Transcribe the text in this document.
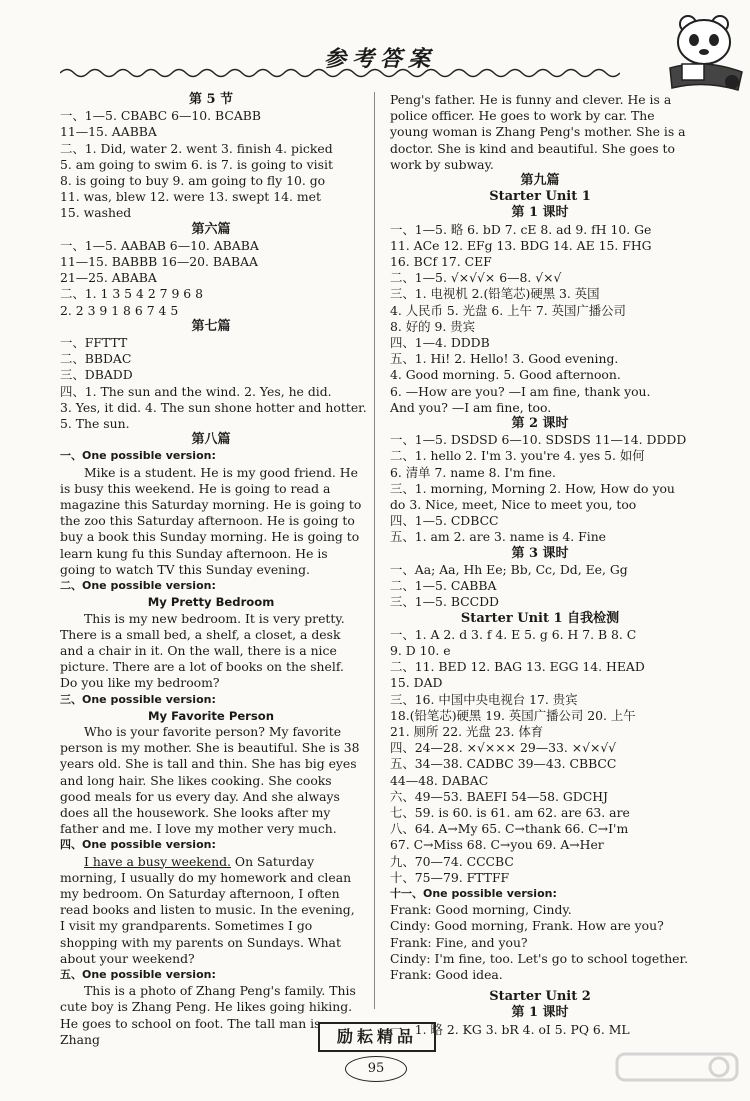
参考答案
第 5 节
一、1—5. CBABC 6—10. BCABB
11—15. AABBA
二、1. Did, water 2. went 3. finish 4. picked
5. am going to swim 6. is 7. is going to visit
8. is going to buy 9. am going to fly 10. go
11. was, blew 12. were 13. swept 14. met
15. washed
第六篇
一、1—5. AABAB 6—10. ABABA
11—15. BABBB 16—20. BABAA
21—25. ABABA
二、1. 1 3 5 4 2 7 9 6 8
2. 2 3 9 1 8 6 7 4 5
第七篇
一、FFTTT
二、BBDAC
三、DBADD
四、1. The sun and the wind. 2. Yes, he did.
3. Yes, it did. 4. The sun shone hotter and hotter.
5. The sun.
第八篇
一、One possible version:
Mike is a student. He is my good friend. He is busy this weekend. He is going to read a magazine this Saturday morning. He is going to the zoo this Saturday afternoon. He is going to buy a book this Sunday morning. He is going to learn kung fu this Sunday afternoon. He is going to watch TV this Sunday evening.
二、One possible version:
My Pretty Bedroom
This is my new bedroom. It is very pretty. There is a small bed, a shelf, a closet, a desk and a chair in it. On the wall, there is a nice picture. There are a lot of books on the shelf. Do you like my bedroom?
三、One possible version:
My Favorite Person
Who is your favorite person? My favorite person is my mother. She is beautiful. She is 38 years old. She is tall and thin. She has big eyes and long hair. She likes cooking. She cooks good meals for us every day. And she always does all the housework. She looks after my father and me. I love my mother very much.
四、One possible version:
I have a busy weekend. On Saturday morning, I usually do my homework and clean my bedroom. On Saturday afternoon, I often read books and listen to music. In the evening, I visit my grandparents. Sometimes I go shopping with my parents on Sundays. What about your weekend?
五、One possible version:
This is a photo of Zhang Peng's family. This cute boy is Zhang Peng. He likes going hiking. He goes to school on foot. The tall man is Zhang
Peng's father. He is funny and clever. He is a police officer. He goes to work by car. The young woman is Zhang Peng's mother. She is a doctor. She is kind and beautiful. She goes to work by subway.
第九篇
Starter Unit 1
第 1 课时
一、1—5. 略 6. bD 7. cE 8. ad 9. fH 10. Ge
11. ACe 12. EFg 13. BDG 14. AE 15. FHG
16. BCf 17. CEF
二、1—5. √×√√× 6—8. √×√
三、1. 电视机 2.(铅笔芯)硬黑 3. 英国
4. 人民币 5. 光盘 6. 上午 7. 英国广播公司
8. 好的 9. 贵宾
四、1—4. DDDB
五、1. Hi! 2. Hello! 3. Good evening.
4. Good morning. 5. Good afternoon.
6. —How are you? —I am fine, thank you.
And you? —I am fine, too.
第 2 课时
一、1—5. DSDSD 6—10. SDSDS 11—14. DDDD
二、1. hello 2. I'm 3. you're 4. yes 5. 如何
6. 清单 7. name 8. I'm fine.
三、1. morning, Morning 2. How, How do you
do 3. Nice, meet, Nice to meet you, too
四、1—5. CDBCC
五、1. am 2. are 3. name is 4. Fine
第 3 课时
一、Aa; Aa, Hh Ee; Bb, Cc, Dd, Ee, Gg
二、1—5. CABBA
三、1—5. BCCDD
Starter Unit 1 自我检测
一、1. A 2. d 3. f 4. E 5. g 6. H 7. B 8. C
9. D 10. e
二、11. BED 12. BAG 13. EGG 14. HEAD
15. DAD
三、16. 中国中央电视台 17. 贵宾
18.(铅笔芯)硬黑 19. 英国广播公司 20. 上午
21. 厕所 22. 光盘 23. 体育
四、24—28. ×√××× 29—33. ×√×√√
五、34—38. CADBC 39—43. CBBCC
44—48. DABAC
六、49—53. BAEFI 54—58. GDCHJ
七、59. is 60. is 61. am 62. are 63. are
八、64. A→My 65. C→thank 66. C→I'm
67. C→Miss 68. C→you 69. A→Her
九、70—74. CCCBC
十、75—79. FTTFF
十一、One possible version:
Frank: Good morning, Cindy.
Cindy: Good morning, Frank. How are you?
Frank: Fine, and you?
Cindy: I'm fine, too. Let's go to school together.
Frank: Good idea.
Starter Unit 2
第 1 课时
一、1. 略 2. KG 3. bR 4. oI 5. PQ 6. ML
励耘精品
95
